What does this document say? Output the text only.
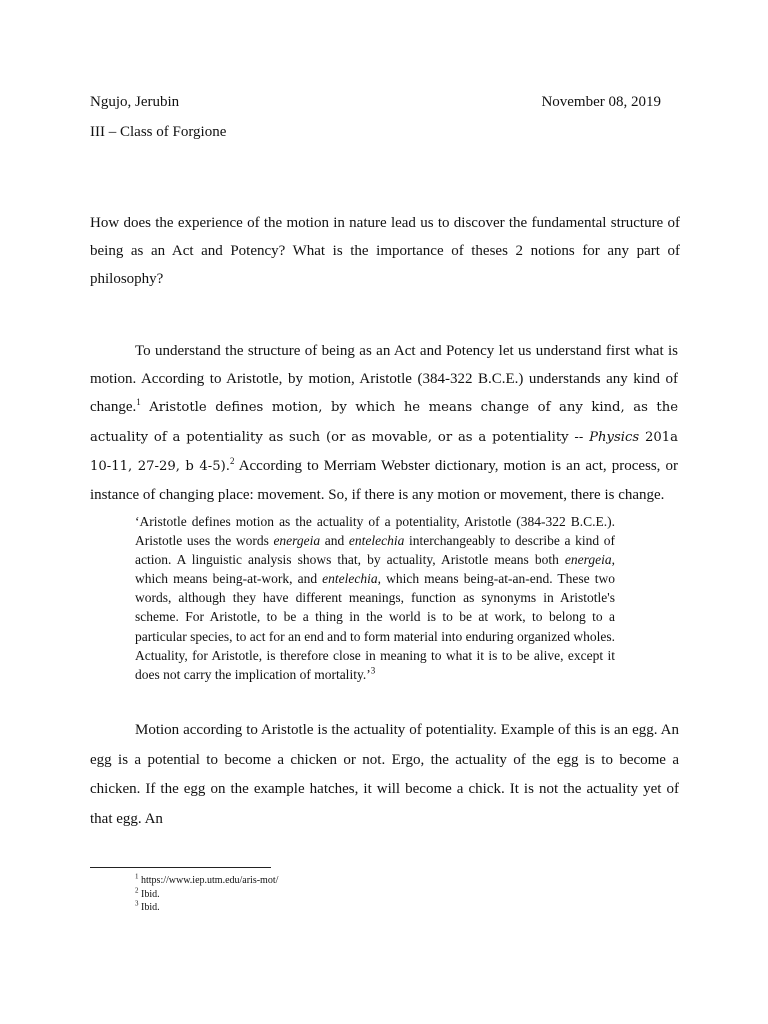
Ngujo, Jerubin	November 08, 2019
III – Class of Forgione

How does the experience of the motion in nature lead us to discover the fundamental structure of being as an Act and Potency? What is the importance of theses 2 notions for any part of philosophy?

To understand the structure of being as an Act and Potency let us understand first what is motion. According to Aristotle, by motion, Aristotle (384-322 B.C.E.) understands any kind of change.$^1$ Aristotle defines motion, by which he means change of any kind, as the actuality of a potentiality as such (or as movable, or as a potentiality -- Physics 201a 10-11, 27-29, b 4-5).$^2$ According to Merriam Webster dictionary, motion is an act, process, or instance of changing place: movement. So, if there is any motion or movement, there is change.

‘Aristotle defines motion as the actuality of a potentiality, Aristotle (384-322 B.C.E.). Aristotle uses the words energeia and entelechia interchangeably to describe a kind of action. A linguistic analysis shows that, by actuality, Aristotle means both energeia, which means being-at-work, and entelechia, which means being-at-an-end. These two words, although they have different meanings, function as synonyms in Aristotle's scheme. For Aristotle, to be a thing in the world is to be at work, to belong to a particular species, to act for an end and to form material into enduring organized wholes. Actuality, for Aristotle, is therefore close in meaning to what it is to be alive, except it does not carry the implication of mortality.’$^3$

Motion according to Aristotle is the actuality of potentiality. Example of this is an egg. An egg is a potential to become a chicken or not. Ergo, the actuality of the egg is to become a chicken. If the egg on the example hatches, it will become a chick. It is not the actuality yet of that egg. An

$^1$ https://www.iep.utm.edu/aris-mot/
$^2$ Ibid.
$^3$ Ibid.
